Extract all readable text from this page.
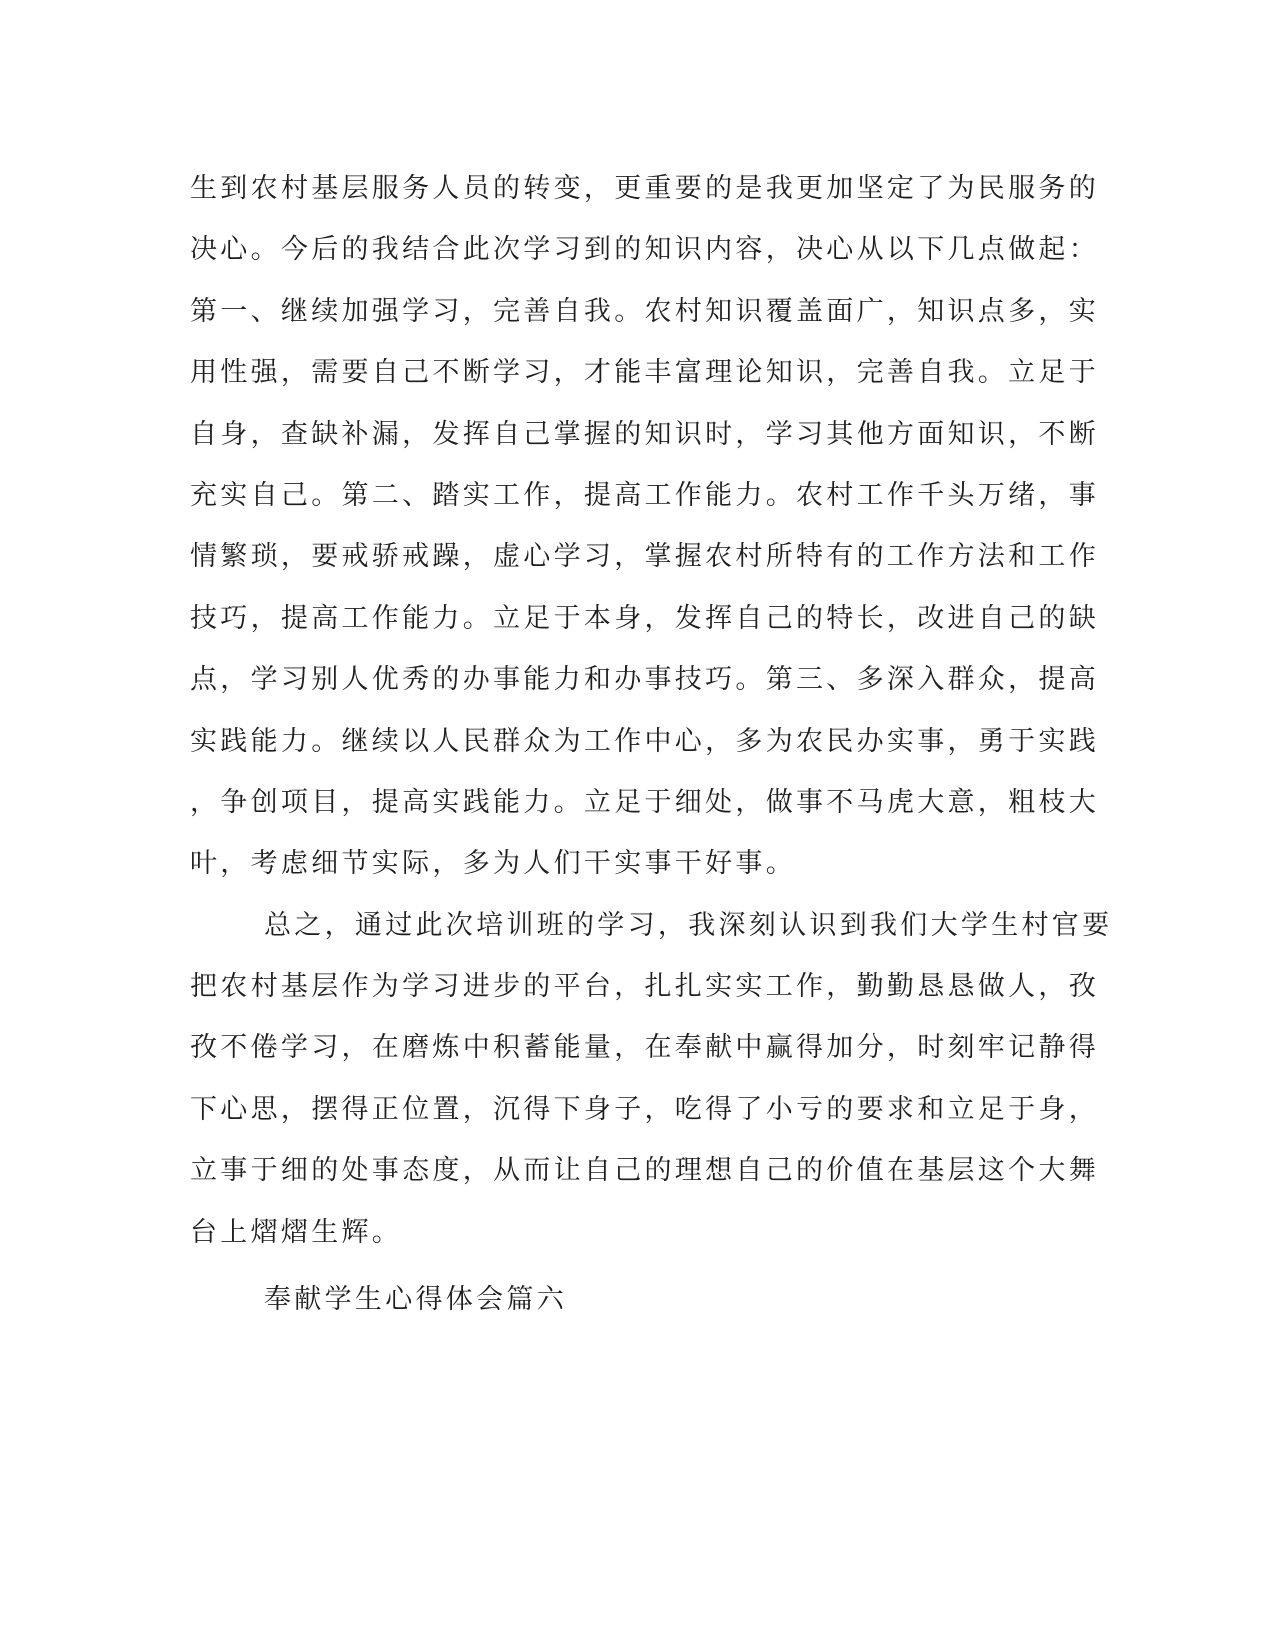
生到农村基层服务人员的转变，更重要的是我更加坚定了为民服务的
决心。今后的我结合此次学习到的知识内容，决心从以下几点做起：
第一、继续加强学习，完善自我。农村知识覆盖面广，知识点多，实
用性强，需要自己不断学习，才能丰富理论知识，完善自我。立足于
自身，查缺补漏，发挥自己掌握的知识时，学习其他方面知识，不断
充实自己。第二、踏实工作，提高工作能力。农村工作千头万绪，事
情繁琐，要戒骄戒躁，虚心学习，掌握农村所特有的工作方法和工作
技巧，提高工作能力。立足于本身，发挥自己的特长，改进自己的缺
点，学习别人优秀的办事能力和办事技巧。第三、多深入群众，提高
实践能力。继续以人民群众为工作中心，多为农民办实事，勇于实践
，争创项目，提高实践能力。立足于细处，做事不马虎大意，粗枝大
叶，考虑细节实际，多为人们干实事干好事。
总之，通过此次培训班的学习，我深刻认识到我们大学生村官要
把农村基层作为学习进步的平台，扎扎实实工作，勤勤恳恳做人，孜
孜不倦学习，在磨炼中积蓄能量，在奉献中赢得加分，时刻牢记静得
下心思，摆得正位置，沉得下身子，吃得了小亏的要求和立足于身，
立事于细的处事态度，从而让自己的理想自己的价值在基层这个大舞
台上熠熠生辉。
奉献学生心得体会篇六
